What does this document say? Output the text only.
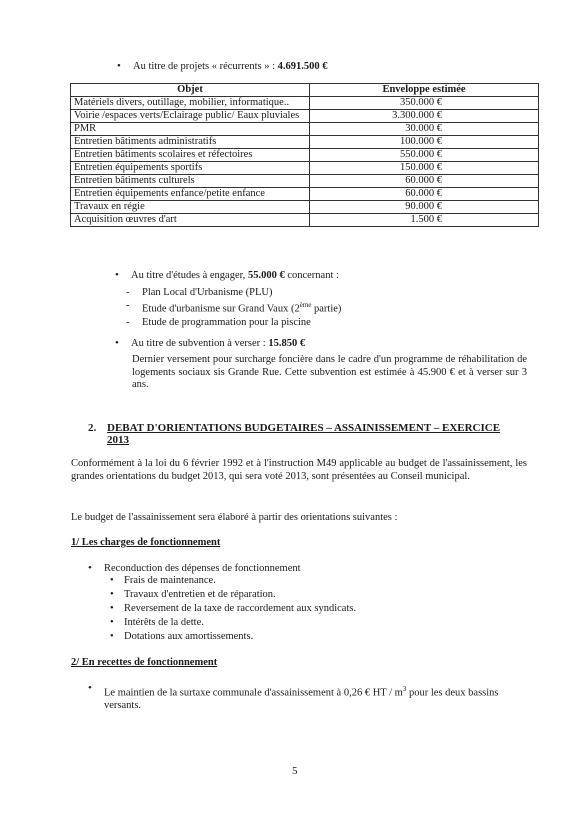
• Au titre de projets « récurrents » : 4.691.500 €
Objet	Enveloppe estimée
Matériels divers, outillage, mobilier, informatique..	350.000 €
Voirie /espaces verts/Eclairage public/ Eaux pluviales	3.300.000 €
PMR	30.000 €
Entretien bâtiments administratifs	100.000 €
Entretien bâtiments scolaires et réfectoires	550.000 €
Entretien équipements sportifs	150.000 €
Entretien bâtiments culturels	60.000 €
Entretien équipements enfance/petite enfance	60.000 €
Travaux en régie	90.000 €
Acquisition œuvres d'art	1.500 €
• Au titre d'études à engager, 55.000 € concernant :
- Plan Local d'Urbanisme (PLU)
- Etude d'urbanisme sur Grand Vaux (2ème partie)
- Etude de programmation pour la piscine
• Au titre de subvention à verser : 15.850 €
Dernier versement pour surcharge foncière dans le cadre d'un programme de réhabilitation de logements sociaux sis Grande Rue. Cette subvention est estimée à 45.900 € et à verser sur 3 ans.
2. DEBAT D'ORIENTATIONS BUDGETAIRES – ASSAINISSEMENT – EXERCICE 2013
Conformément à la loi du 6 février 1992 et à l'instruction M49 applicable au budget de l'assainissement, les grandes orientations du budget 2013, qui sera voté 2013, sont présentées au Conseil municipal.
Le budget de l'assainissement sera élaboré à partir des orientations suivantes :
1/ Les charges de fonctionnement
• Reconduction des dépenses de fonctionnement
• Frais de maintenance.
• Travaux d'entretien et de réparation.
• Reversement de la taxe de raccordement aux syndicats.
• Intérêts de la dette.
• Dotations aux amortissements.
2/ En recettes de fonctionnement
• Le maintien de la surtaxe communale d'assainissement à 0,26 € HT / $m^3$ pour les deux bassins versants.
5
